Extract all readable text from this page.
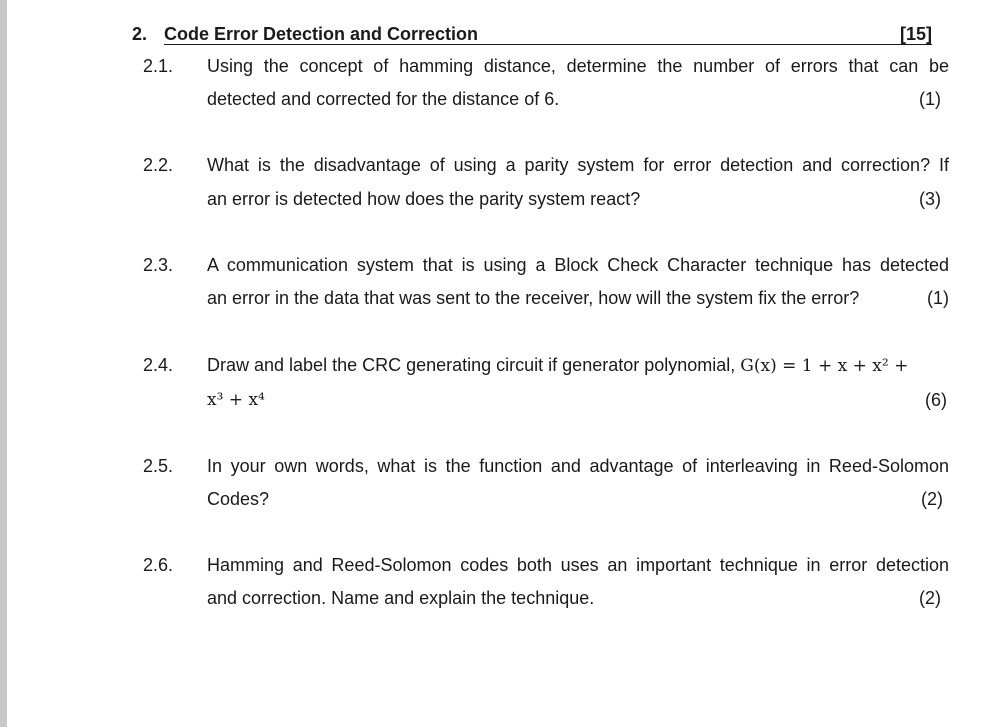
2. Code Error Detection and Correction	[15]
2.1. Using the concept of hamming distance, determine the number of errors that can be
detected and corrected for the distance of 6.	(1)
2.2. What is the disadvantage of using a parity system for error detection and correction? If
an error is detected how does the parity system react?	(3)
2.3. A communication system that is using a Block Check Character technique has detected
an error in the data that was sent to the receiver, how will the system fix the error?	(1)
2.4. Draw and label the CRC generating circuit if generator polynomial, G(x) = 1 + x + x² +
x³ + x⁴	(6)
2.5. In your own words, what is the function and advantage of interleaving in Reed-Solomon
Codes?	(2)
2.6. Hamming and Reed-Solomon codes both uses an important technique in error detection
and correction. Name and explain the technique.	(2)
